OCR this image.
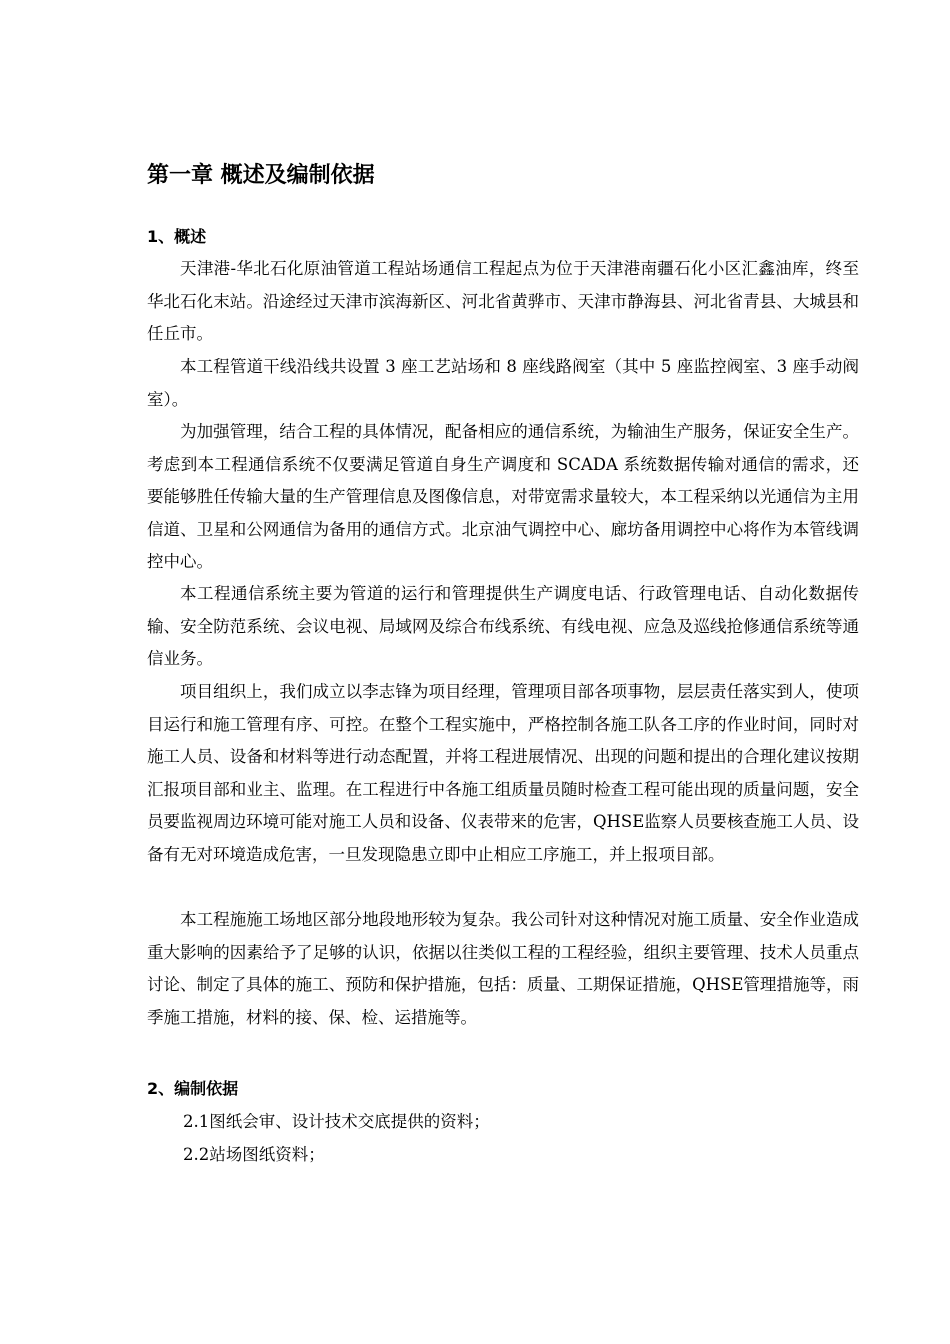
第一章 概述及编制依据
1、概述

天津港-华北石化原油管道工程站场通信工程起点为位于天津港南疆石化小区汇鑫油库，终至华北石化末站。沿途经过天津市滨海新区、河北省黄骅市、天津市静海县、河北省青县、大城县和任丘市。

本工程管道干线沿线共设置 3 座工艺站场和 8 座线路阀室（其中 5 座监控阀室、3 座手动阀室）。

为加强管理，结合工程的具体情况，配备相应的通信系统，为输油生产服务，保证安全生产。考虑到本工程通信系统不仅要满足管道自身生产调度和 SCADA 系统数据传输对通信的需求，还要能够胜任传输大量的生产管理信息及图像信息，对带宽需求量较大，本工程采纳以光通信为主用信道、卫星和公网通信为备用的通信方式。北京油气调控中心、廊坊备用调控中心将作为本管线调控中心。

本工程通信系统主要为管道的运行和管理提供生产调度电话、行政管理电话、自动化数据传输、安全防范系统、会议电视、局域网及综合布线系统、有线电视、应急及巡线抢修通信系统等通信业务。

项目组织上，我们成立以李志锋为项目经理，管理项目部各项事物，层层责任落实到人，使项目运行和施工管理有序、可控。在整个工程实施中，严格控制各施工队各工序的作业时间，同时对施工人员、设备和材料等进行动态配置，并将工程进展情况、出现的问题和提出的合理化建议按期汇报项目部和业主、监理。在工程进行中各施工组质量员随时检查工程可能出现的质量问题，安全员要监视周边环境可能对施工人员和设备、仪表带来的危害，QHSE监察人员要核查施工人员、设备有无对环境造成危害，一旦发现隐患立即中止相应工序施工，并上报项目部。

本工程施施工场地区部分地段地形较为复杂。我公司针对这种情况对施工质量、安全作业造成重大影响的因素给予了足够的认识，依据以往类似工程的工程经验，组织主要管理、技术人员重点讨论、制定了具体的施工、预防和保护措施，包括：质量、工期保证措施，QHSE管理措施等，雨季施工措施，材料的接、保、检、运措施等。

2、编制依据

2.1图纸会审、设计技术交底提供的资料；

2.2站场图纸资料；
